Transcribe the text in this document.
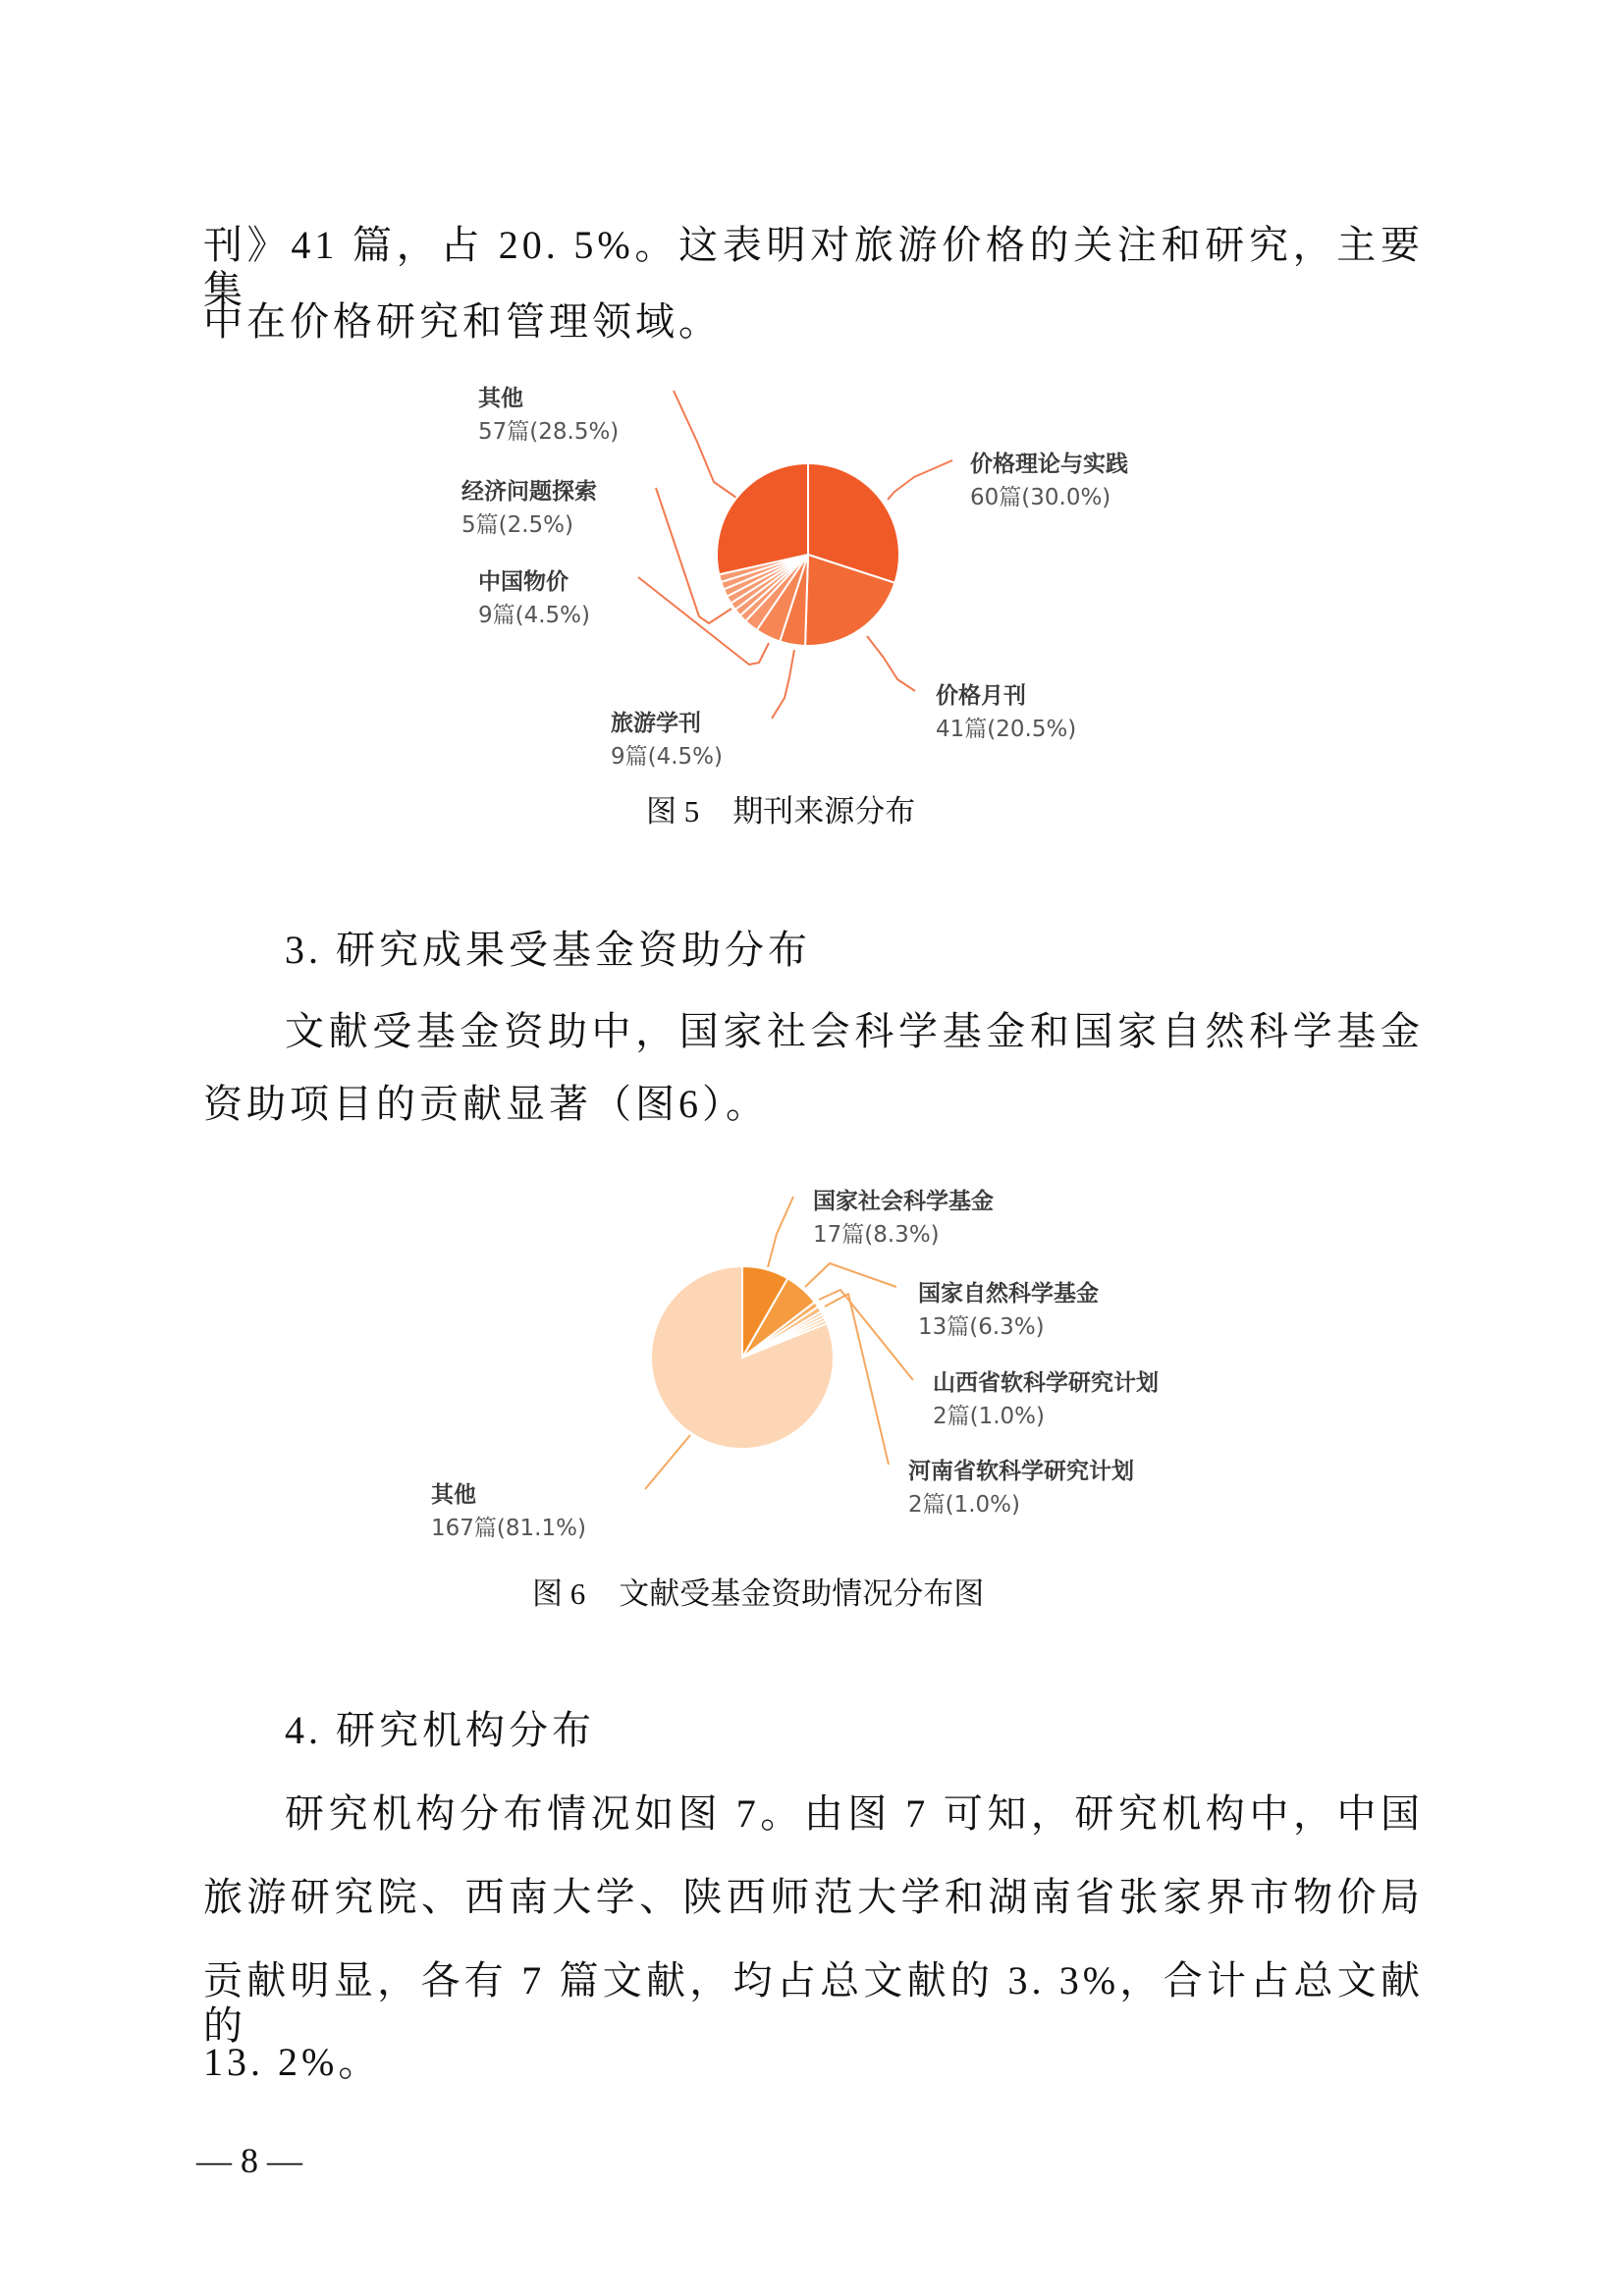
刊》41 篇，占 20. 5%。这表明对旅游价格的关注和研究，主要集
中在价格研究和管理领域。
价格理论与实践
60篇(30.0%)
价格月刊
41篇(20.5%)
旅游学刊
9篇(4.5%)
中国物价
9篇(4.5%)
经济问题探索
5篇(2.5%)
其他
57篇(28.5%)
图 5 期刊来源分布
3. 研究成果受基金资助分布
文献受基金资助中，国家社会科学基金和国家自然科学基金
资助项目的贡献显著（图6）。
国家社会科学基金
17篇(8.3%)
国家自然科学基金
13篇(6.3%)
山西省软科学研究计划
2篇(1.0%)
河南省软科学研究计划
2篇(1.0%)
其他
167篇(81.1%)
图 6 文献受基金资助情况分布图
4. 研究机构分布
研究机构分布情况如图 7。由图 7 可知，研究机构中，中国
旅游研究院、西南大学、陕西师范大学和湖南省张家界市物价局
贡献明显，各有 7 篇文献，均占总文献的 3. 3%，合计占总文献的
13. 2%。
— 8 —
